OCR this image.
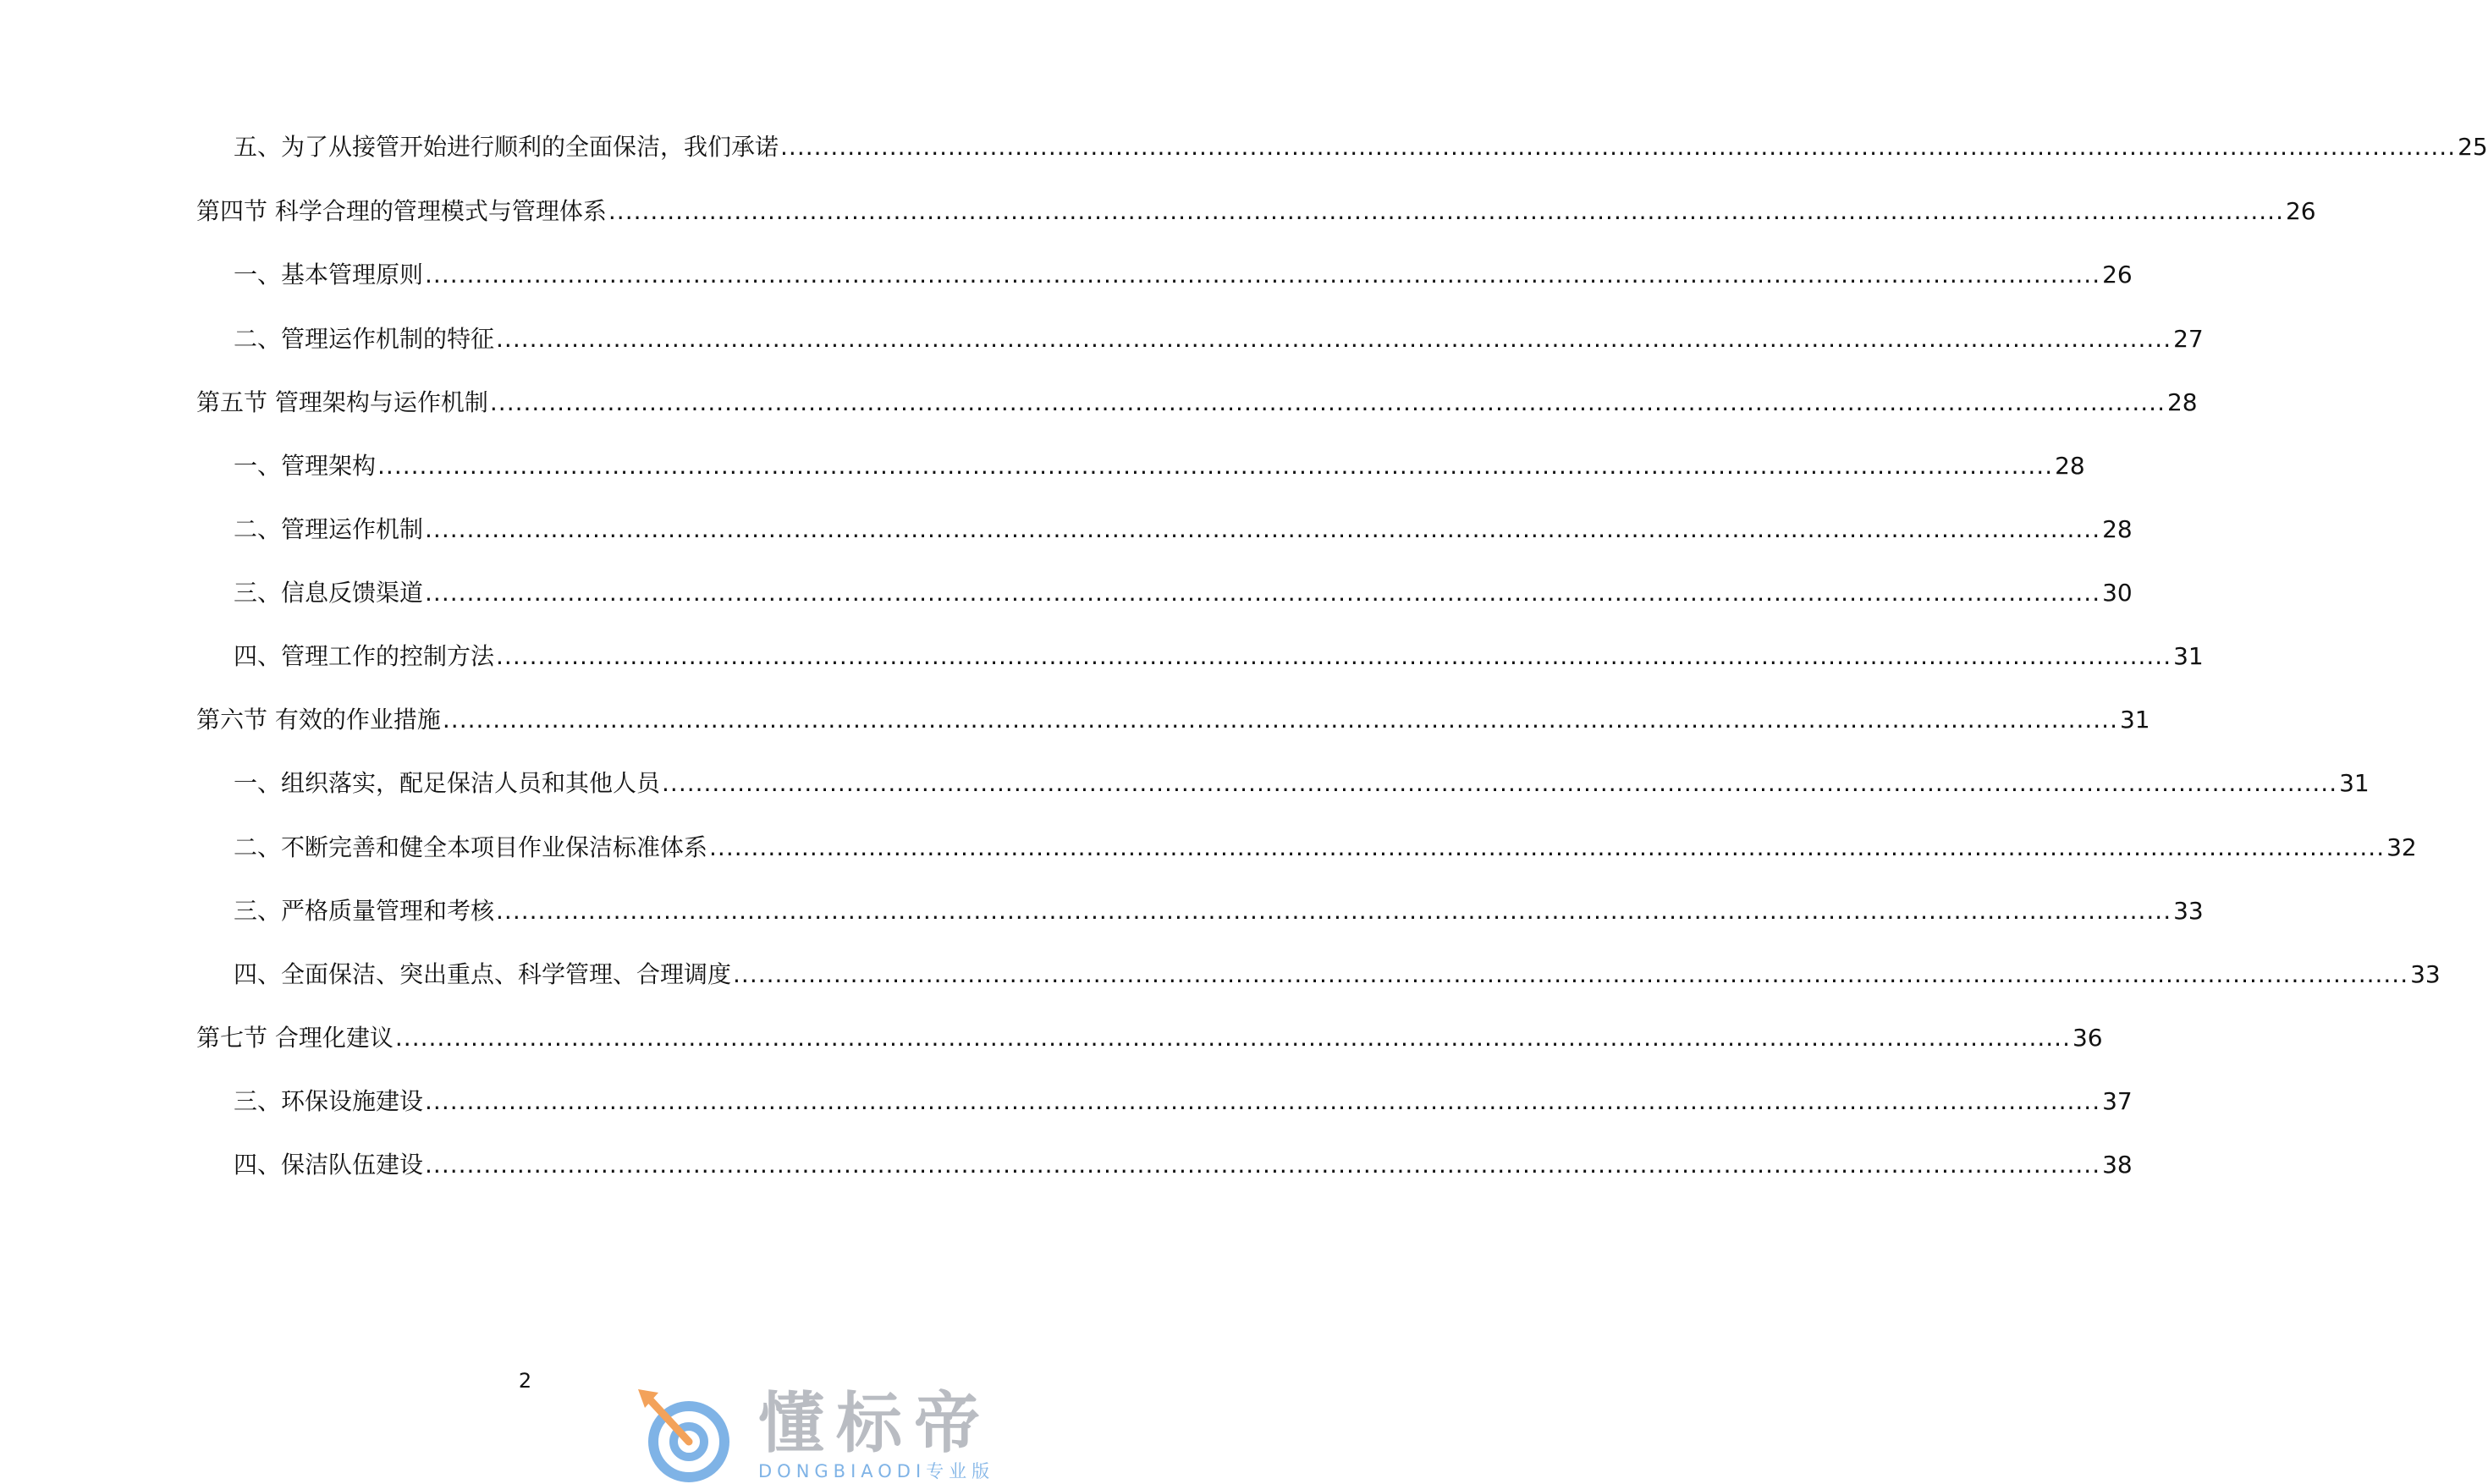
五、为了从接管开始进行顺利的全面保洁，我们承诺 ........................................................................................................................................................................................................ 25
第四节 科学合理的管理模式与管理体系 ........................................................................................................................................................................................................ 26
一、基本管理原则 ........................................................................................................................................................................................................ 26
二、管理运作机制的特征 ........................................................................................................................................................................................................ 27
第五节 管理架构与运作机制 ........................................................................................................................................................................................................ 28
一、管理架构 ........................................................................................................................................................................................................ 28
二、管理运作机制 ........................................................................................................................................................................................................ 28
三、信息反馈渠道 ........................................................................................................................................................................................................ 30
四、管理工作的控制方法 ........................................................................................................................................................................................................ 31
第六节 有效的作业措施 ........................................................................................................................................................................................................ 31
一、组织落实，配足保洁人员和其他人员 ........................................................................................................................................................................................................ 31
二、不断完善和健全本项目作业保洁标准体系 ........................................................................................................................................................................................................ 32
三、严格质量管理和考核 ........................................................................................................................................................................................................ 33
四、全面保洁、突出重点、科学管理、合理调度 ........................................................................................................................................................................................................ 33
第七节 合理化建议 ........................................................................................................................................................................................................ 36
三、环保设施建设 ........................................................................................................................................................................................................ 37
四、保洁队伍建设 ........................................................................................................................................................................................................ 38
2
懂标帝
DONGBIAODI专业版
